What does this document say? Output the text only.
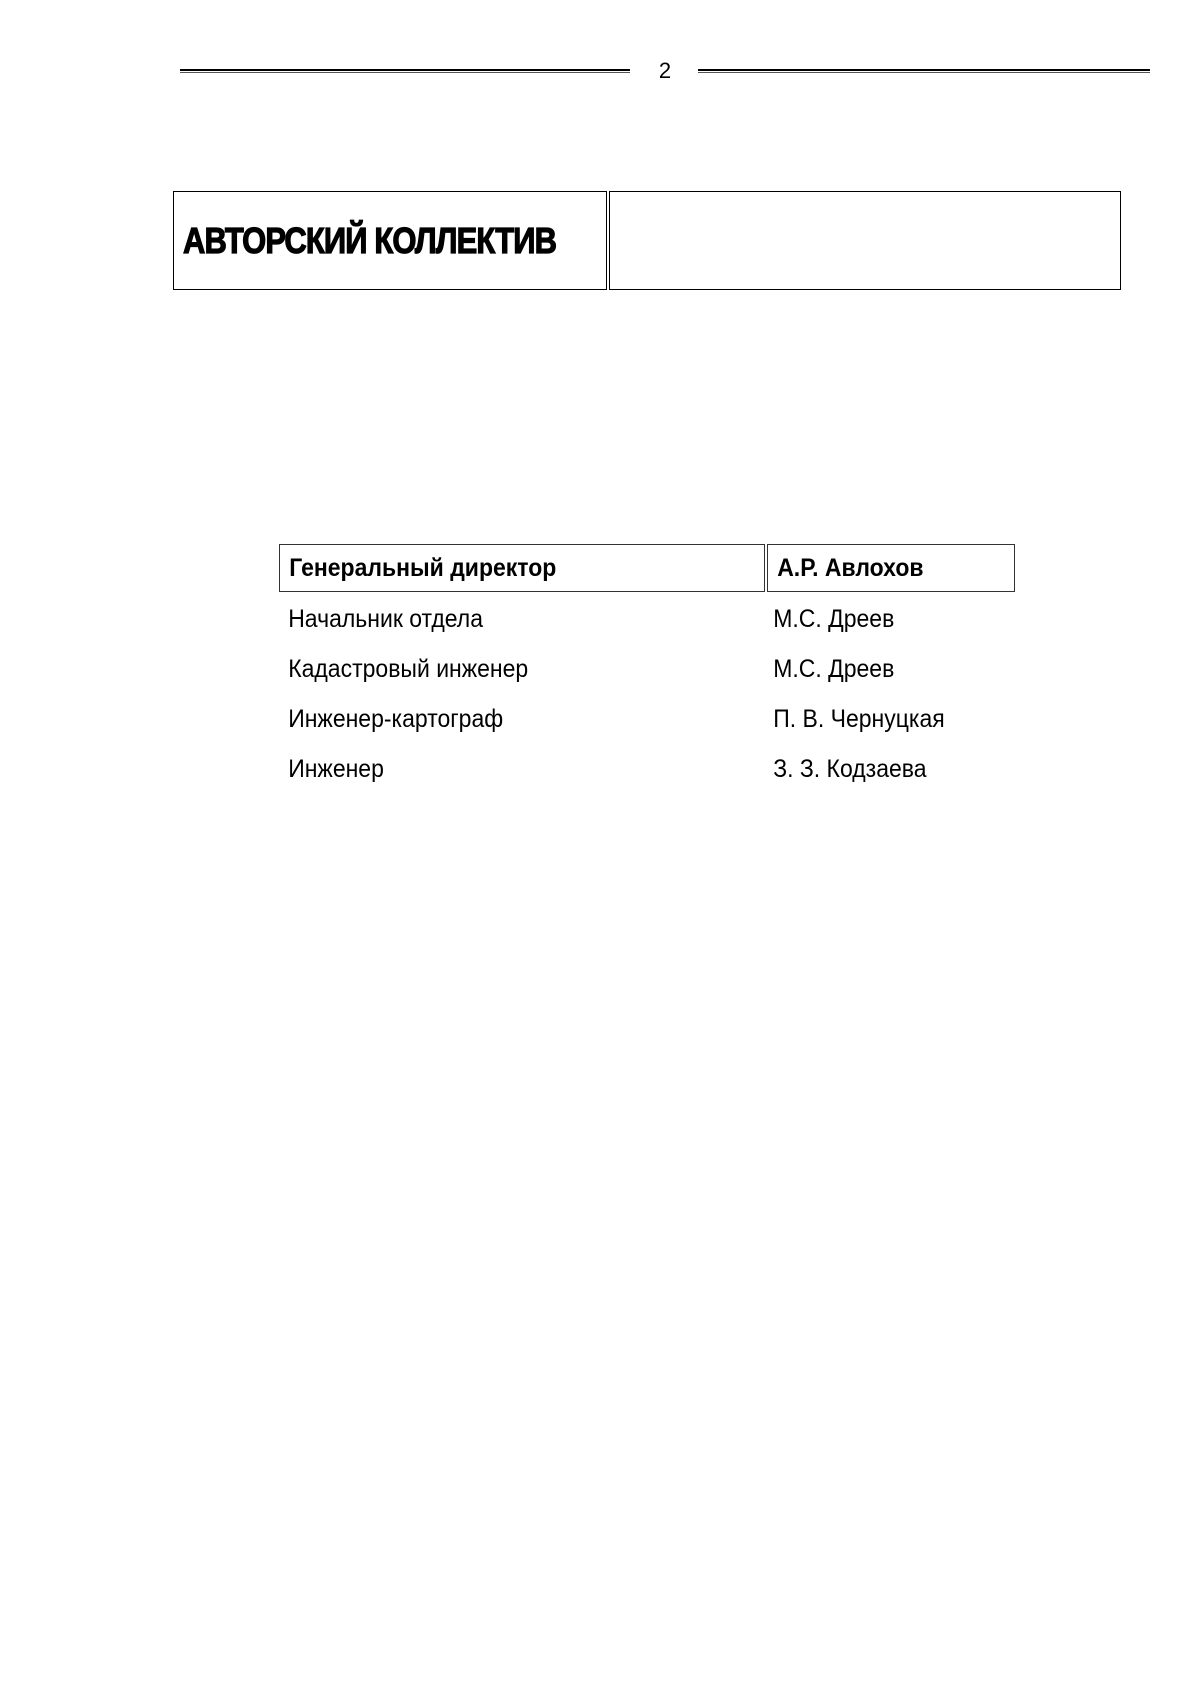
2
АВТОРСКИЙ КОЛЛЕКТИВ
Генеральный директор	А.Р. Авлохов
Начальник отдела	М.С. Дреев
Кадастровый инженер	М.С. Дреев
Инженер-картограф	П. В. Чернуцкая
Инженер	З. З. Кодзаева
